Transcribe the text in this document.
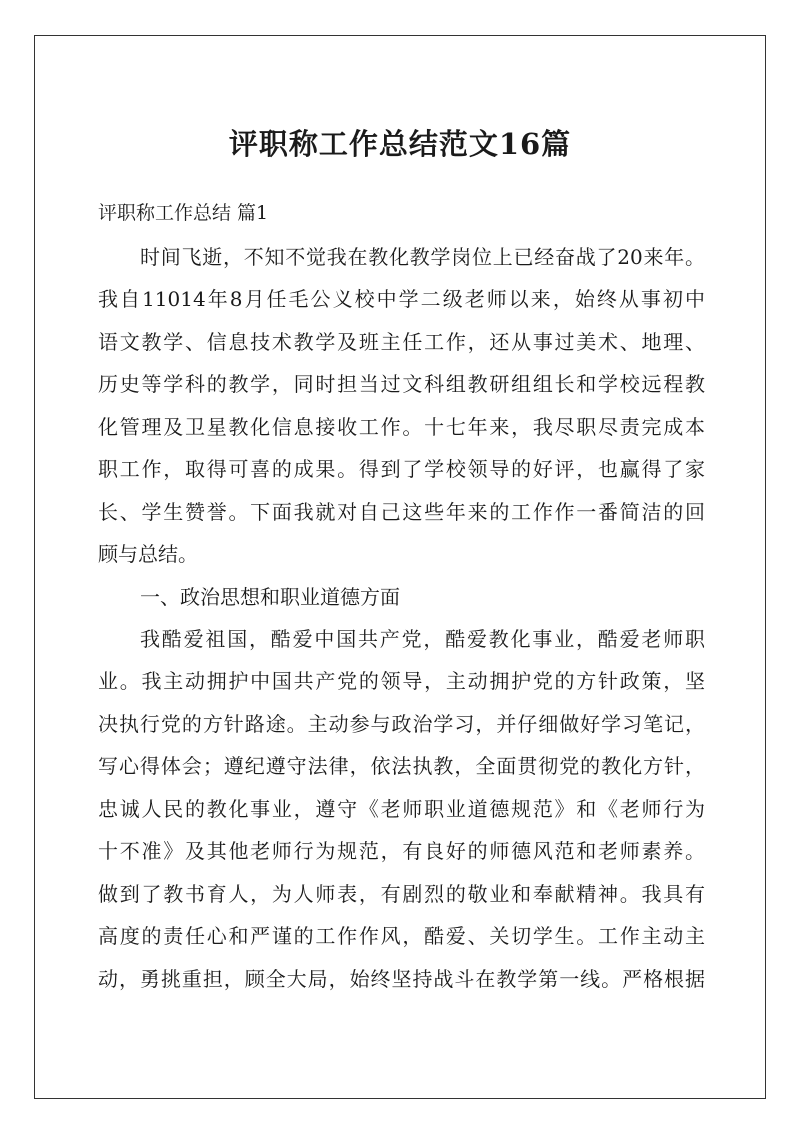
评职称工作总结范文16篇

评职称工作总结 篇1

时间飞逝，不知不觉我在教化教学岗位上已经奋战了20来年。

我自11014年8月任毛公义校中学二级老师以来，始终从事初中

语文教学、信息技术教学及班主任工作，还从事过美术、地理、

历史等学科的教学，同时担当过文科组教研组组长和学校远程教

化管理及卫星教化信息接收工作。十七年来，我尽职尽责完成本

职工作，取得可喜的成果。得到了学校领导的好评，也赢得了家

长、学生赞誉。下面我就对自己这些年来的工作作一番简洁的回

顾与总结。

一、政治思想和职业道德方面

我酷爱祖国，酷爱中国共产党，酷爱教化事业，酷爱老师职

业。我主动拥护中国共产党的领导，主动拥护党的方针政策，坚

决执行党的方针路途。主动参与政治学习，并仔细做好学习笔记，

写心得体会；遵纪遵守法律，依法执教，全面贯彻党的教化方针，

忠诚人民的教化事业，遵守《老师职业道德规范》和《老师行为

十不准》及其他老师行为规范，有良好的师德风范和老师素养。

做到了教书育人，为人师表，有剧烈的敬业和奉献精神。我具有

高度的责任心和严谨的工作作风，酷爱、关切学生。工作主动主

动，勇挑重担，顾全大局，始终坚持战斗在教学第一线。严格根据
